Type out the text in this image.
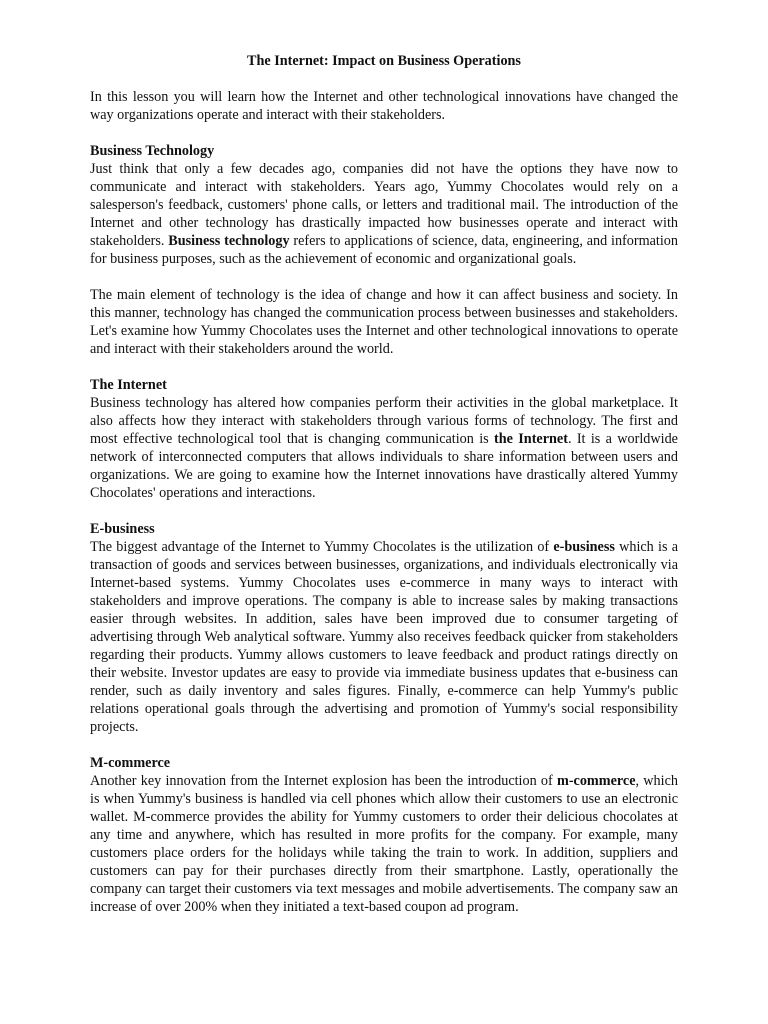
The Internet: Impact on Business Operations

In this lesson you will learn how the Internet and other technological innovations have changed the way organizations operate and interact with their stakeholders.

Business Technology

Just think that only a few decades ago, companies did not have the options they have now to communicate and interact with stakeholders. Years ago, Yummy Chocolates would rely on a salesperson's feedback, customers' phone calls, or letters and traditional mail. The introduction of the Internet and other technology has drastically impacted how businesses operate and interact with stakeholders. Business technology refers to applications of science, data, engineering, and information for business purposes, such as the achievement of economic and organizational goals.

The main element of technology is the idea of change and how it can affect business and society. In this manner, technology has changed the communication process between businesses and stakeholders. Let's examine how Yummy Chocolates uses the Internet and other technological innovations to operate and interact with their stakeholders around the world.

The Internet

Business technology has altered how companies perform their activities in the global marketplace. It also affects how they interact with stakeholders through various forms of technology. The first and most effective technological tool that is changing communication is the Internet. It is a worldwide network of interconnected computers that allows individuals to share information between users and organizations. We are going to examine how the Internet innovations have drastically altered Yummy Chocolates' operations and interactions.

E-business

The biggest advantage of the Internet to Yummy Chocolates is the utilization of e-business which is a transaction of goods and services between businesses, organizations, and individuals electronically via Internet-based systems. Yummy Chocolates uses e-commerce in many ways to interact with stakeholders and improve operations. The company is able to increase sales by making transactions easier through websites. In addition, sales have been improved due to consumer targeting of advertising through Web analytical software. Yummy also receives feedback quicker from stakeholders regarding their products. Yummy allows customers to leave feedback and product ratings directly on their website. Investor updates are easy to provide via immediate business updates that e-business can render, such as daily inventory and sales figures. Finally, e-commerce can help Yummy's public relations operational goals through the advertising and promotion of Yummy's social responsibility projects.

M-commerce

Another key innovation from the Internet explosion has been the introduction of m-commerce, which is when Yummy's business is handled via cell phones which allow their customers to use an electronic wallet. M-commerce provides the ability for Yummy customers to order their delicious chocolates at any time and anywhere, which has resulted in more profits for the company. For example, many customers place orders for the holidays while taking the train to work. In addition, suppliers and customers can pay for their purchases directly from their smartphone. Lastly, operationally the company can target their customers via text messages and mobile advertisements. The company saw an increase of over 200% when they initiated a text-based coupon ad program.
